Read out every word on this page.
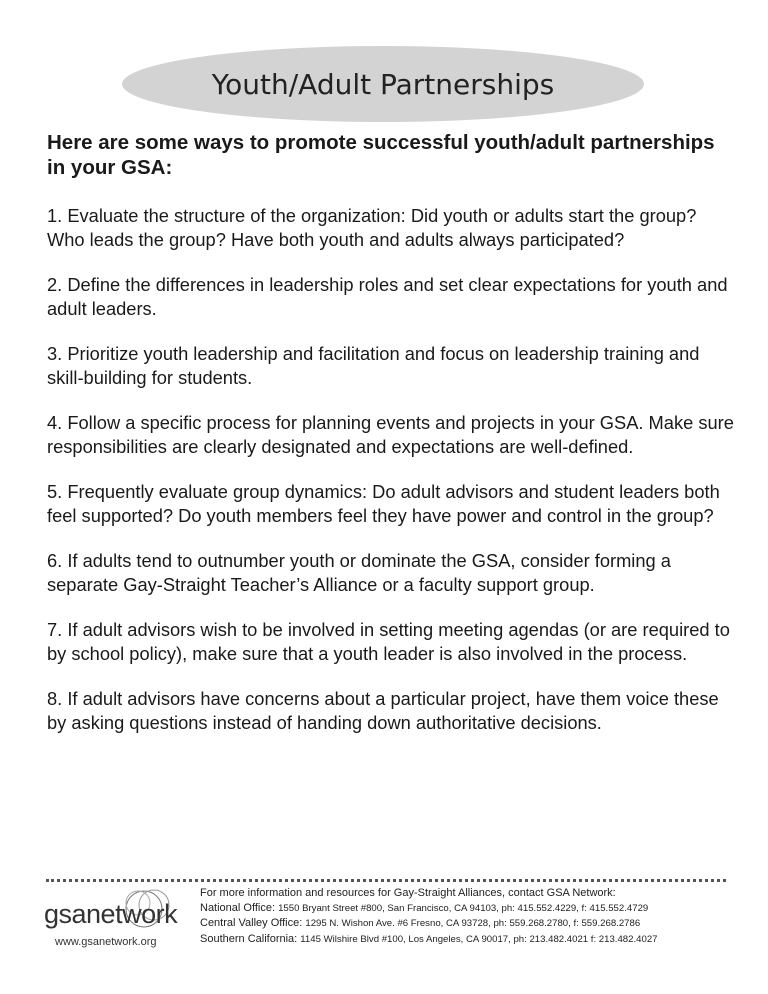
Youth/Adult Partnerships

Here are some ways to promote successful youth/adult partnerships in your GSA:

1. Evaluate the structure of the organization: Did youth or adults start the group? Who leads the group? Have both youth and adults always participated?

2. Define the differences in leadership roles and set clear expectations for youth and adult leaders.

3. Prioritize youth leadership and facilitation and focus on leadership training and skill-building for students.

4. Follow a specific process for planning events and projects in your GSA. Make sure responsibilities are clearly designated and expectations are well-defined.

5. Frequently evaluate group dynamics: Do adult advisors and student leaders both feel supported? Do youth members feel they have power and control in the group?

6. If adults tend to outnumber youth or dominate the GSA, consider forming a separate Gay-Straight Teacher’s Alliance or a faculty support group.

7. If adult advisors wish to be involved in setting meeting agendas (or are required to by school policy), make sure that a youth leader is also involved in the process.

8. If adult advisors have concerns about a particular project, have them voice these by asking questions instead of handing down authoritative decisions.

gsanetwork
www.gsanetwork.org
For more information and resources for Gay-Straight Alliances, contact GSA Network:
National Office: 1550 Bryant Street #800, San Francisco, CA 94103, ph: 415.552.4229, f: 415.552.4729
Central Valley Office: 1295 N. Wishon Ave. #6 Fresno, CA 93728, ph: 559.268.2780, f: 559.268.2786
Southern California: 1145 Wilshire Blvd #100, Los Angeles, CA 90017, ph: 213.482.4021 f: 213.482.4027
